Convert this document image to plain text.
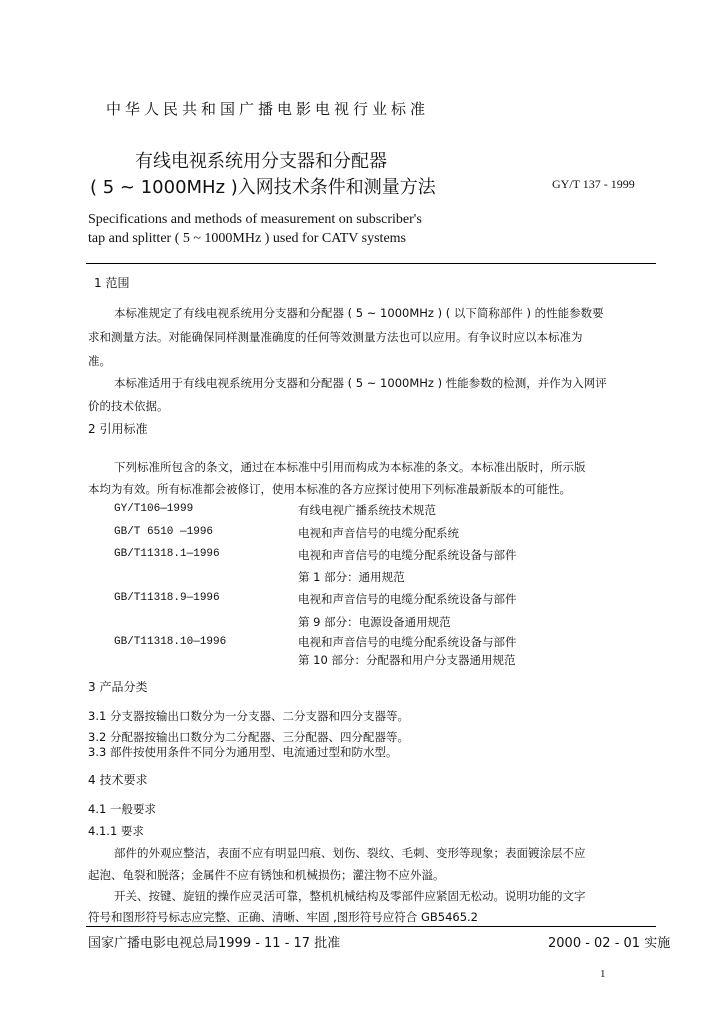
中华人民共和国广播电影电视行业标准
有线电视系统用分支器和分配器
( 5 ~ 1000MHz )入网技术条件和测量方法	GY/T 137 - 1999
Specifications and methods of measurement on subscriber's
tap and splitter ( 5 ~ 1000MHz ) used for CATV systems
1 范围
本标准规定了有线电视系统用分支器和分配器 ( 5 ~ 1000MHz ) ( 以下简称部件 ) 的性能参数要
求和测量方法。对能确保同样测量准确度的任何等效测量方法也可以应用。有争议时应以本标准为
准。
本标准适用于有线电视系统用分支器和分配器 ( 5 ~ 1000MHz ) 性能参数的检测，并作为入网评
价的技术依据。
2 引用标准
下列标准所包含的条文，通过在本标准中引用而构成为本标准的条文。本标准出版时，所示版
本均为有效。所有标准都会被修订，使用本标准的各方应探讨使用下列标准最新版本的可能性。
GY/T106—1999	有线电视广播系统技术规范
GB/T 6510 —1996	电视和声音信号的电缆分配系统
GB/T11318.1—1996	电视和声音信号的电缆分配系统设备与部件
第 1 部分：通用规范
GB/T11318.9—1996	电视和声音信号的电缆分配系统设备与部件
第 9 部分：电源设备通用规范
GB/T11318.10—1996	电视和声音信号的电缆分配系统设备与部件
第 10 部分：分配器和用户分支器通用规范
3 产品分类
3.1 分支器按输出口数分为一分支器、二分支器和四分支器等。
3.2 分配器按输出口数分为二分配器、三分配器、四分配器等。
3.3 部件按使用条件不同分为通用型、电流通过型和防水型。
4 技术要求
4.1 一般要求
4.1.1 要求
部件的外观应整洁，表面不应有明显凹痕、划伤、裂纹、毛刺、变形等现象；表面镀涂层不应
起泡、龟裂和脱落；金属件不应有锈蚀和机械损伤；灌注物不应外溢。
开关、按键、旋钮的操作应灵活可靠，整机机械结构及零部件应紧固无松动。说明功能的文字
符号和图形符号标志应完整、正确、清晰、牢固 ,图形符号应符合 GB5465.2
国家广播电影电视总局1999 - 11 - 17 批准	2000 - 02 - 01 实施
1
